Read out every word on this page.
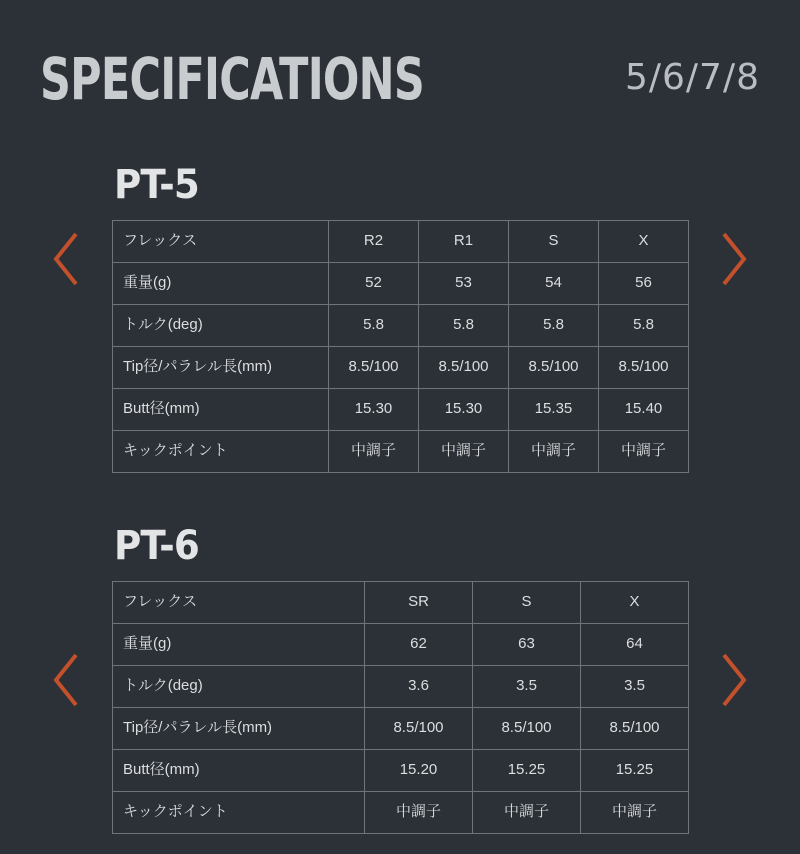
SPECIFICATIONS	5/6/7/8
PT-5
フレックス	R2	R1	S	X
重量(g)	52	53	54	56
トルク(deg)	5.8	5.8	5.8	5.8
Tip径/パラレル長(mm)	8.5/100	8.5/100	8.5/100	8.5/100
Butt径(mm)	15.30	15.30	15.35	15.40
キックポイント	中調子	中調子	中調子	中調子
PT-6
フレックス	SR	S	X
重量(g)	62	63	64
トルク(deg)	3.6	3.5	3.5
Tip径/パラレル長(mm)	8.5/100	8.5/100	8.5/100
Butt径(mm)	15.20	15.25	15.25
キックポイント	中調子	中調子	中調子
